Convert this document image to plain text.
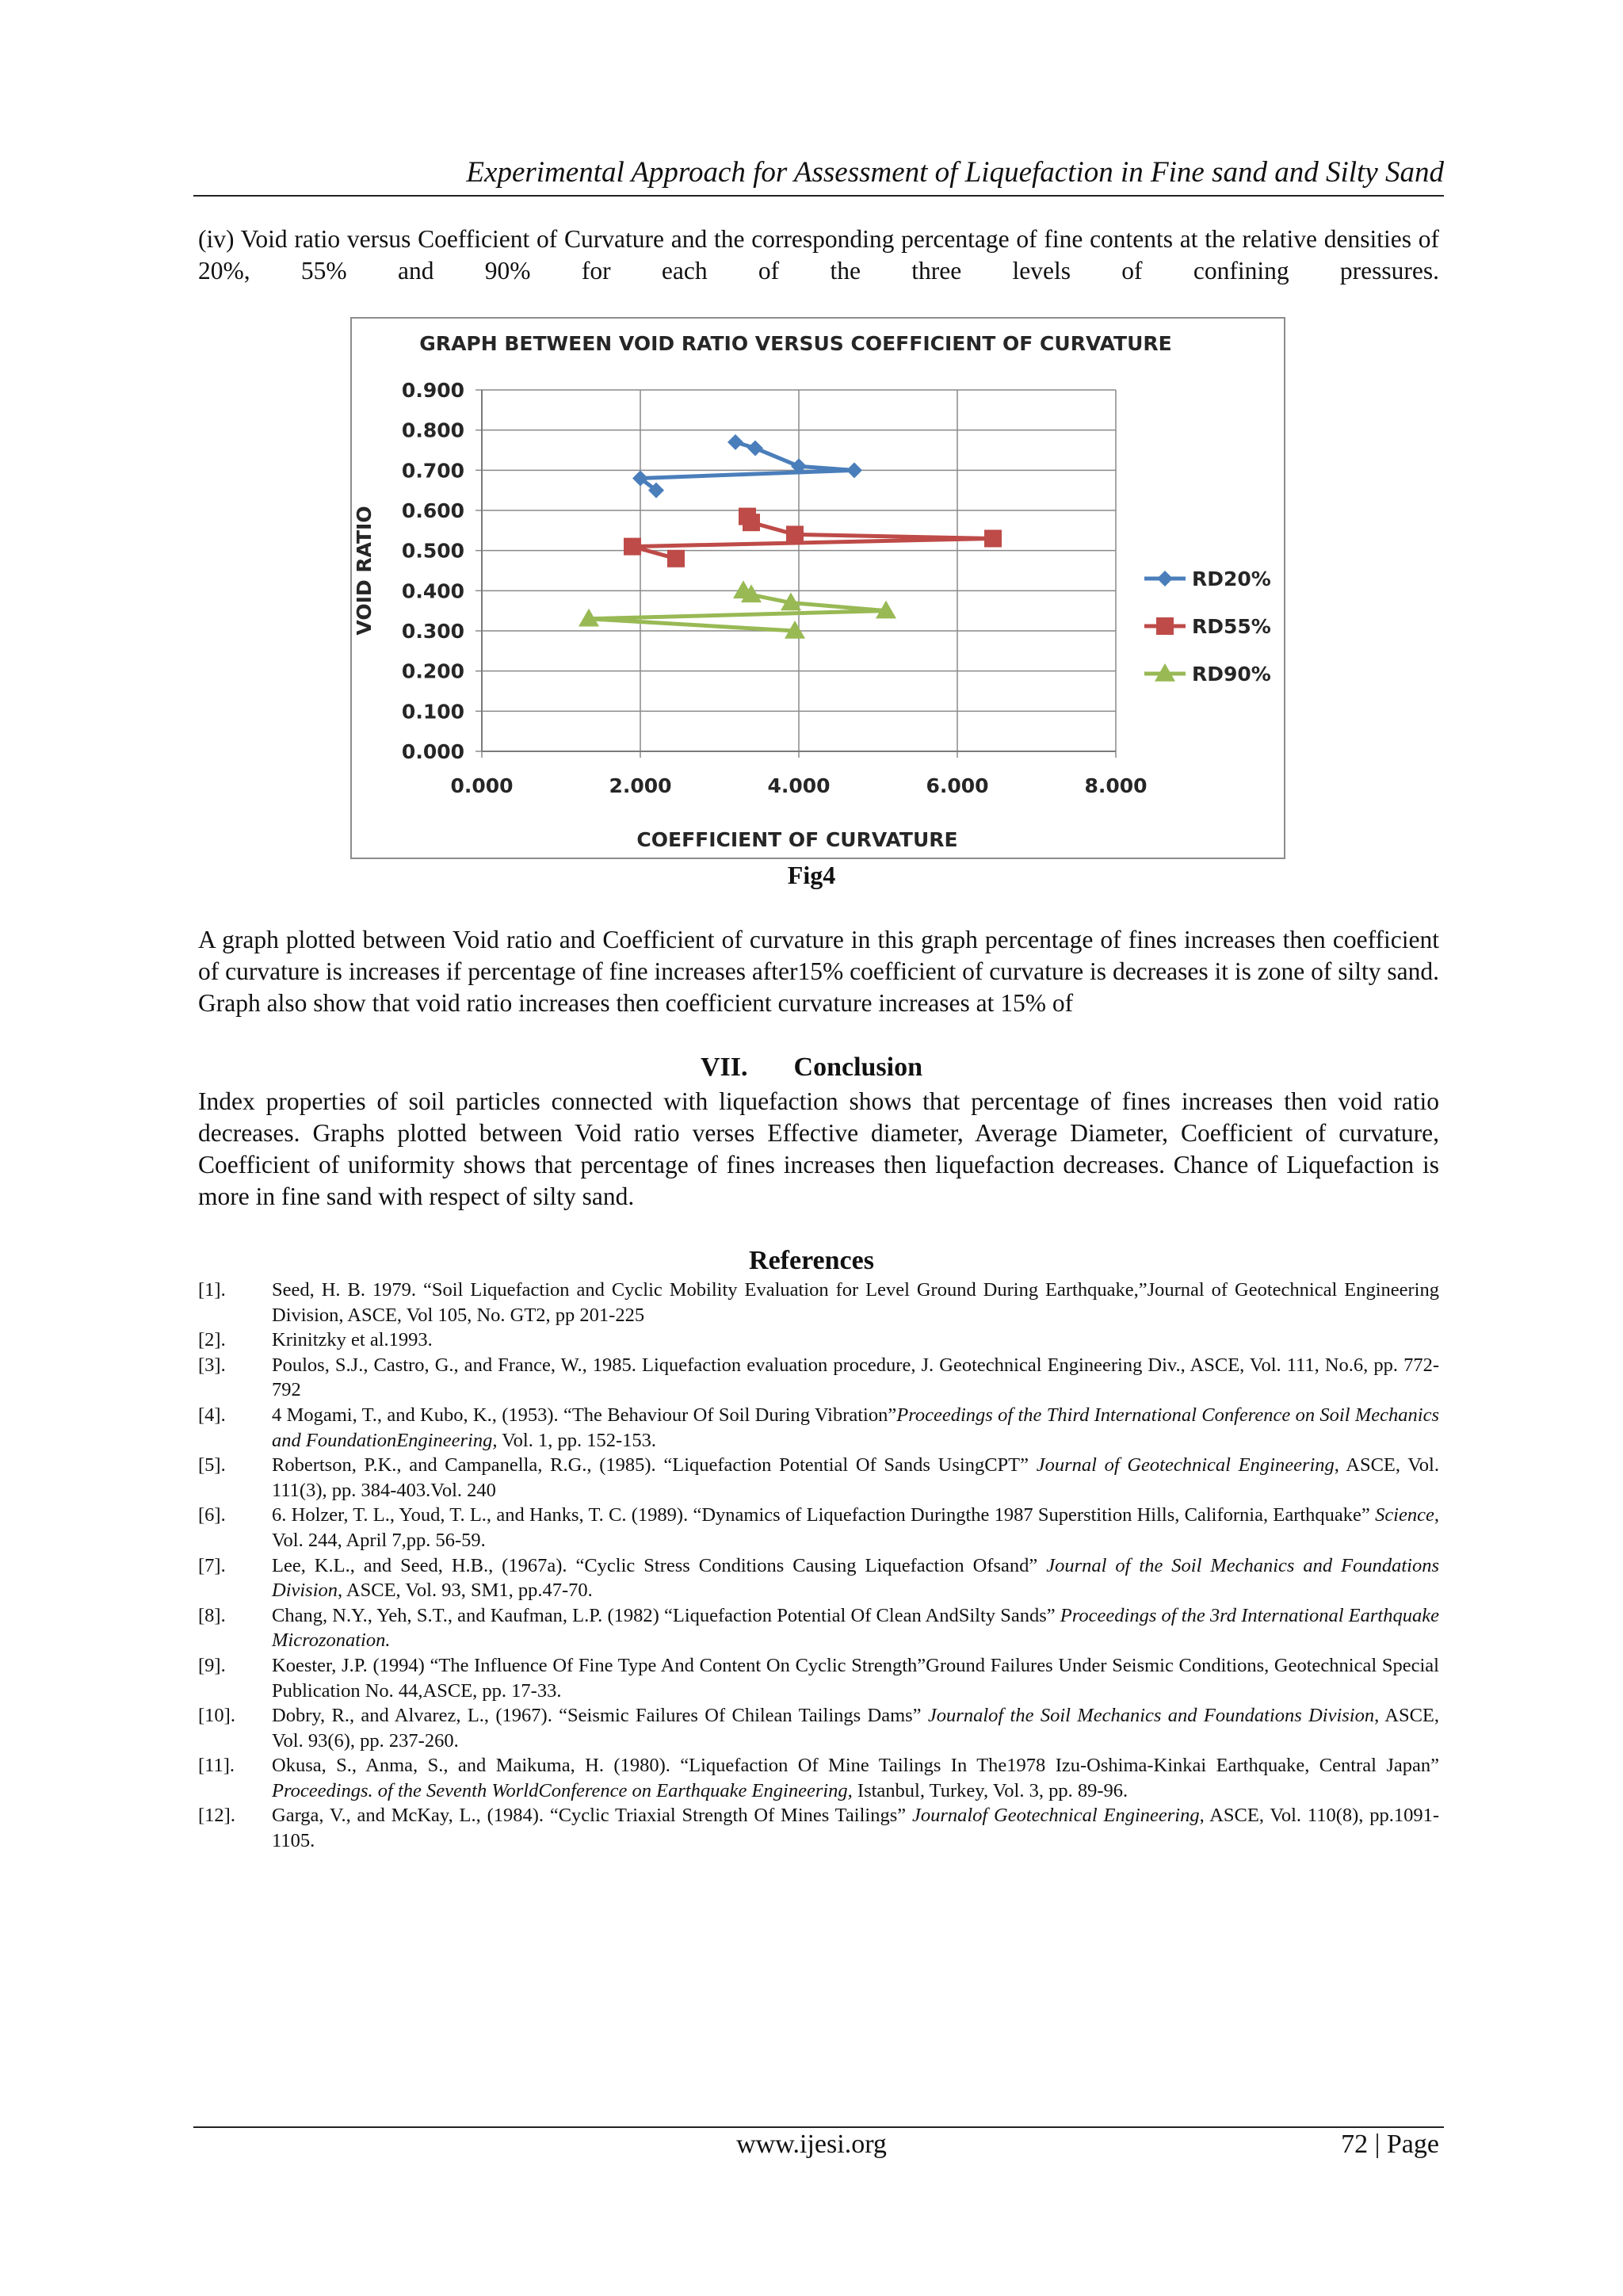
Experimental Approach for Assessment of Liquefaction in Fine sand and Silty Sand
(iv) Void ratio versus Coefficient of Curvature and the corresponding percentage of fine contents at the relative densities of 20%, 55% and 90% for each of the three levels of confining pressures.
GRAPH BETWEEN VOID RATIO VERSUS COEFFICIENT OF CURVATURE
0.000
0.100
0.200
0.300
0.400
0.500
0.600
0.700
0.800
0.900
0.000	2.000	4.000	6.000	8.000
RD20%
RD55%
RD90%
COEFFICIENT OF CURVATURE
VOID RATIO
Fig4
A graph plotted between Void ratio and Coefficient of curvature in this graph percentage of fines increases then coefficient of curvature is increases if percentage of fine increases after15% coefficient of curvature is decreases it is zone of silty sand. Graph also show that void ratio increases then coefficient curvature increases at 15% of
VII. Conclusion
Index properties of soil particles connected with liquefaction shows that percentage of fines increases then void ratio decreases. Graphs plotted between Void ratio verses Effective diameter, Average Diameter, Coefficient of curvature, Coefficient of uniformity shows that percentage of fines increases then liquefaction decreases. Chance of Liquefaction is more in fine sand with respect of silty sand.
References
[1].	Seed, H. B. 1979. “Soil Liquefaction and Cyclic Mobility Evaluation for Level Ground During Earthquake,”Journal of Geotechnical Engineering Division, ASCE, Vol 105, No. GT2, pp 201-225
[2].	Krinitzky et al.1993.
[3].	Poulos, S.J., Castro, G., and France, W., 1985. Liquefaction evaluation procedure, J. Geotechnical Engineering Div., ASCE, Vol. 111, No.6, pp. 772-792
[4].	4 Mogami, T., and Kubo, K., (1953). “The Behaviour Of Soil During Vibration”Proceedings of the Third International Conference on Soil Mechanics and FoundationEngineering, Vol. 1, pp. 152-153.
[5].	Robertson, P.K., and Campanella, R.G., (1985). “Liquefaction Potential Of Sands UsingCPT” Journal of Geotechnical Engineering, ASCE, Vol. 111(3), pp. 384-403.Vol. 240
[6].	6. Holzer, T. L., Youd, T. L., and Hanks, T. C. (1989). “Dynamics of Liquefaction Duringthe 1987 Superstition Hills, California, Earthquake” Science, Vol. 244, April 7,pp. 56-59.
[7].	Lee, K.L., and Seed, H.B., (1967a). “Cyclic Stress Conditions Causing Liquefaction Ofsand” Journal of the Soil Mechanics and Foundations Division, ASCE, Vol. 93, SM1, pp.47-70.
[8].	Chang, N.Y., Yeh, S.T., and Kaufman, L.P. (1982) “Liquefaction Potential Of Clean AndSilty Sands” Proceedings of the 3rd International Earthquake Microzonation.
[9].	Koester, J.P. (1994) “The Influence Of Fine Type And Content On Cyclic Strength”Ground Failures Under Seismic Conditions, Geotechnical Special Publication No. 44,ASCE, pp. 17-33.
[10].	Dobry, R., and Alvarez, L., (1967). “Seismic Failures Of Chilean Tailings Dams” Journalof the Soil Mechanics and Foundations Division, ASCE, Vol. 93(6), pp. 237-260.
[11].	Okusa, S., Anma, S., and Maikuma, H. (1980). “Liquefaction Of Mine Tailings In The1978 Izu-Oshima-Kinkai Earthquake, Central Japan” Proceedings. of the Seventh WorldConference on Earthquake Engineering, Istanbul, Turkey, Vol. 3, pp. 89-96.
[12].	Garga, V., and McKay, L., (1984). “Cyclic Triaxial Strength Of Mines Tailings” Journalof Geotechnical Engineering, ASCE, Vol. 110(8), pp.1091- 1105.
www.ijesi.org	72 | Page
